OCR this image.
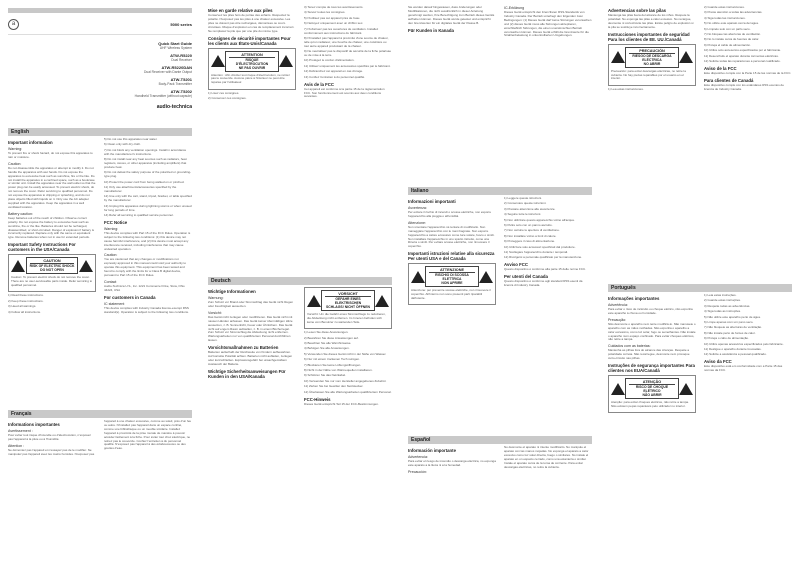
a	5000 series
Quick Start Guide
UHF Wireless System
ATW-R5220
Dual Receiver
ATW-R5220DAN
Dual Receiver with Dante Output
ATW-T5201
Body-Pack Transmitter
ATW-T5202
Handheld Transmitter (without capsule)
audio-technica
English
Important information
Warning:

To prevent fire or shock hazard, do not expose this apparatus to rain or moisture.

Caution:

Do not disassemble the apparatus or attempt to modify it. Do not handle the apparatus with wet hands. Do not expose the apparatus to excessive heat such as sunshine, fire or the like. Do not install the apparatus in a confined space, such as a bookcase or similar unit. Install the apparatus near the wall outlet so that the power plug can be easily accessed. To prevent electric shock, do not remove the cover. Refer servicing to qualified personnel. Do not expose the apparatus to dripping or splashing, and do not place objects filled with liquids on it. Only use the AC adapter supplied with the apparatus. Keep the apparatus in a well ventilated location.

Battery caution:

Keep batteries out of the reach of children. Observe correct polarity. Do not expose the battery to excessive heat such as sunshine, fire or the like. Batteries should not be recharged, disassembled, or short-circuited. Danger of explosion if battery is incorrectly replaced. Replace only with the same or equivalent type. Remove batteries when not in use for extended periods.

Important Safety Instructions For customers in the USA/Canada
CAUTION
RISK OF ELECTRIC SHOCK
DO NOT OPEN

Caution: To prevent electric shock do not remove the cover. There are no user-serviceable parts inside. Refer servicing to qualified personnel.

1) Read these instructions.
2) Keep these instructions.
3) Heed all warnings.
4) Follow all instructions.
5) Do not use this apparatus near water.
6) Clean only with dry cloth.
7) Do not block any ventilation openings. Install in accordance with the manufacturer's instructions.
8) Do not install near any heat sources such as radiators, heat registers, stoves, or other apparatus (including amplifiers) that produce heat.
9) Do not defeat the safety purpose of the polarized or grounding-type plug.
10) Protect the power cord from being walked on or pinched.
11) Only use attachments/accessories specified by the manufacturer.
12) Use only with the cart, stand, tripod, bracket, or table specified by the manufacturer.
13) Unplug this apparatus during lightning storms or when unused for long periods of time.
14) Refer all servicing to qualified service personnel.
FCC Notice
Warning:

This device complies with Part 15 of the FCC Rules. Operation is subject to the following two conditions: (1) this device may not cause harmful interference, and (2) this device must accept any interference received, including interference that may cause undesired operation.

Caution:

You are cautioned that any changes or modifications not expressly approved in this manual could void your authority to operate this equipment. This equipment has been tested and found to comply with the limits for a Class B digital device, pursuant to Part 15 of the FCC Rules.

Contact

Audio-Technica U.S., Inc. 1221 Commerce Drive, Stow, Ohio 44224, USA

For customers in Canada
IC statement

This device complies with Industry Canada licence-exempt RSS standard(s). Operation is subject to the following two conditions.

Français
Informations importantes
Avertissement :

Pour éviter tout risque d'incendie ou d'électrocution, n'exposez pas l'appareil à la pluie ou à l'humidité.

Attention :

Ne démontez pas l'appareil et n'essayez pas de le modifier. Ne manipulez pas l'appareil avec les mains humides. N'exposez pas l'appareil à une chaleur excessive, comme au soleil, près d'un feu ou autre. N'installez pas l'appareil dans un espace confiné, comme une bibliothèque ou un meuble similaire. Installez l'appareil à proximité de la prise murale de manière à pouvoir accéder facilement à la fiche. Pour éviter tout choc électrique, ne retirez pas le couvercle. Confiez l'entretien à du personnel qualifié. N'exposez pas l'appareil à des éclaboussures ou des gouttes d'eau.

Mise en garde relative aux piles

Conservez les piles hors de portée des enfants. Respectez la polarité. N'exposez pas les piles à une chaleur excessive. Les piles ne doivent pas être rechargées, démontées ou court-circuitées. Risque d'explosion en cas de remplacement incorrect. Ne remplacez la pile que par une pile du même type.

Consignes de sécurité importantes Pour les clients aux États-Unis/Canada
ATTENTION
RISQUE D'ÉLECTROCUTION
NE PAS OUVRIR

Attention : Afin d'éviter tout risque d'électrocution, ne retirez pas le couvercle. Aucune pièce à l'intérieur ne peut être réparée par l'utilisateur.

1) Lisez ces consignes.
2) Conservez ces consignes.
3) Tenez compte de tous les avertissements.
4) Suivez toutes les consignes.
5) N'utilisez pas cet appareil près de l'eau.
6) Nettoyez uniquement avec un chiffon sec.
7) N'obstruez pas les ouvertures de ventilation. Installez conformément aux instructions du fabricant.
8) N'installez pas l'appareil à proximité d'une source de chaleur, telle qu'un radiateur, une bouche de chaleur, une cuisinière ou tout autre appareil produisant de la chaleur.
9) Ne neutralisez pas le dispositif de sécurité de la fiche polarisée ou de mise à la terre.
10) Protégez le cordon d'alimentation.
11) Utilisez uniquement les accessoires spécifiés par le fabricant.
12) Débranchez cet appareil en cas d'orage.
13) Confiez l'entretien à du personnel qualifié.
Avis de la FCC

Cet appareil est conforme à la partie 15 de la réglementation FCC. Son fonctionnement est soumis aux deux conditions suivantes.

Deutsch
Wichtige Informationen
Warnung:

Zum Schutz vor Brand oder Stromschlag das Gerät nicht Regen oder Feuchtigkeit aussetzen.

Vorsicht:

Das Gerät nicht zerlegen oder modifizieren. Das Gerät nicht mit nassen Händen anfassen. Das Gerät keiner übermäßigen Hitze aussetzen, z. B. Sonnenlicht, Feuer oder Ähnlichem. Das Gerät nicht auf engem Raum aufstellen, z. B. in einem Bücherregal. Zum Schutz vor Stromschlag die Abdeckung nicht entfernen. Wartungsarbeiten nur von qualifiziertem Personal durchführen lassen.

Vorsichtsmaßnahmen zu Batterien

Batterien außerhalb der Reichweite von Kindern aufbewahren. Auf korrekte Polarität achten. Batterien nicht aufladen, zerlegen oder kurzschließen. Explosionsgefahr bei unsachgemäßem Austausch der Batterie.

Wichtige Sicherheitsanweisungen Für Kunden in den USA/Kanada
VORSICHT
GEFAHR EINES ELEKTRISCHEN
SCHLAGS! NICHT ÖFFNEN

Vorsicht: Um die Gefahr eines Stromschlags zu reduzieren, die Abdeckung nicht entfernen. Im Inneren befinden sich keine vom Benutzer zu wartenden Teile.

1) Lesen Sie diese Anweisungen.
2) Bewahren Sie diese Anweisungen auf.
3) Beachten Sie alle Warnhinweise.
4) Befolgen Sie alle Anweisungen.
5) Verwenden Sie dieses Gerät nicht in der Nähe von Wasser.
6) Nur mit einem trockenen Tuch reinigen.
7) Blockieren Sie keine Lüftungsöffnungen.
8) Nicht in der Nähe von Wärmequellen installieren.
9) Schützen Sie das Netzkabel.
10) Verwenden Sie nur vom Hersteller angegebenes Zubehör.
11) Ziehen Sie bei Gewitter den Netzstecker.
12) Überlassen Sie alle Wartungsarbeiten qualifiziertem Personal.
FCC-Hinweis

Dieses Gerät entspricht Teil 15 der FCC-Bestimmungen.

Sie werden darauf hingewiesen, dass Änderungen oder Modifikationen, die nicht ausdrücklich in dieser Anleitung genehmigt werden, Ihre Berechtigung zum Betrieb dieses Geräts aufheben können. Dieses Gerät wurde getestet und entspricht den Grenzwerten für ein digitales Gerät der Klasse B.

Für Kunden in Kanada
IC-Erklärung

Dieses Gerät entspricht den lizenzfreien RSS-Standards von Industry Canada. Der Betrieb unterliegt den folgenden zwei Bedingungen: (1) Dieses Gerät darf keine Störungen verursachen und (2) dieses Gerät muss alle Störungen akzeptieren, einschließlich Störungen, die einen unerwünschten Betrieb verursachen können. Dieses Gerät erfüllt die Grenzwerte für die Strahlenbelastung in unkontrollierten Umgebungen.

Italiano
Informazioni importanti
Avvertenza:

Per evitare il rischio di incendi o scosse elettriche, non esporre l'apparecchio alla pioggia o all'umidità.

Attenzione:

Non smontare l'apparecchio né tentare di modificarlo. Non maneggiare l'apparecchio con le mani bagnate. Non esporre l'apparecchio a calore eccessivo come luce solare, fuoco o simili. Non installare l'apparecchio in uno spazio ristretto, come una libreria o simili. Per evitare scosse elettriche, non rimuovere il coperchio.

Importanti istruzioni relative alla sicurezza Per utenti USA e del Canada
ATTENZIONE
RISCHIO DI SCOSSA ELETTRICA
NON APRIRE

Attenzione: per prevenire scosse elettriche, non rimuovere il coperchio. All'interno non sono presenti parti riparabili dall'utente.

1) Leggere queste istruzioni.
2) Conservare queste istruzioni.
3) Prestare attenzione alle avvertenze.
4) Seguire tutte le istruzioni.
5) Non utilizzare questo apparecchio vicino all'acqua.
6) Pulire solo con un panno asciutto.
7) Non ostruire le aperture di ventilazione.
8) Non installare vicino a fonti di calore.
9) Proteggere il cavo di alimentazione.
10) Utilizzare solo accessori specificati dal produttore.
11) Scollegare l'apparecchio durante i temporali.
12) Rivolgersi a personale qualificato per la manutenzione.
Avviso FCC

Questo dispositivo è conforme alla parte 15 delle norme FCC.

Per utenti del Canada

Questo dispositivo è conforme agli standard RSS esenti da licenza di Industry Canada.

Español
Información importante
Advertencia:

Para evitar el riesgo de incendio o descarga eléctrica, no exponga este aparato a la lluvia ni a la humedad.

Precaución:

No desmonte el aparato ni intente modificarlo. No manipule el aparato con las manos mojadas. No exponga el aparato a calor excesivo como luz solar directa, fuego o similares. No instale el aparato en un espacio cerrado, como una estantería o similar. Instale el aparato cerca de la toma de corriente. Para evitar descargas eléctricas, no retire la cubierta.

Advertencias sobre las pilas

Mantenga las pilas fuera del alcance de los niños. Respete la polaridad. No exponga las pilas a calor excesivo. No recargue, desmonte ni cortocircuite las pilas. Existe peligro de explosión si la pila se sustituye incorrectamente.

Instrucciones importantes de seguridad Para los clientes de EE. UU./Canadá
PRECAUCIÓN
RIESGO DE DESCARGA ELÉCTRICA
NO ABRIR

Precaución: para evitar descargas eléctricas, no retire la cubierta. No hay piezas reparables por el usuario en el interior.

1) Lea estas instrucciones.
2) Guarde estas instrucciones.
3) Preste atención a todas las advertencias.
4) Siga todas las instrucciones.
5) No utilice este aparato cerca del agua.
6) Límpielo solo con un paño seco.
7) No bloquee las aberturas de ventilación.
8) No lo instale cerca de fuentes de calor.
9) Proteja el cable de alimentación.
10) Utilice solo accesorios especificados por el fabricante.
11) Desenchufe el aparato durante tormentas eléctricas.
12) Solicite todas las reparaciones a personal cualificado.
Aviso de la FCC

Este dispositivo cumple con la Parte 15 de las normas de la FCC.

Para clientes de Canadá

Este dispositivo cumple con los estándares RSS exentos de licencia de Industry Canada.

Português
Informações importantes
Advertência:

Para evitar o risco de incêndio ou choque elétrico, não exponha este aparelho à chuva ou humidade.

Precaução:

Não desmonte o aparelho nem tente modificá-lo. Não manuseie o aparelho com as mãos molhadas. Não exponha o aparelho a calor excessivo, como luz solar, fogo ou semelhantes. Não instale o aparelho num espaço confinado. Para evitar choques elétricos, não retire a tampa.

Cuidados com as baterias:

Mantenha as pilhas fora do alcance das crianças. Respeite a polaridade correta. Não recarregue, desmonte nem provoque curto-circuito nas pilhas.

Instruções de segurança importantes Para clientes nos EUA/Canadá
ATENÇÃO
RISCO DE CHOQUE ELÉTRICO
NÃO ABRIR

Atenção: para evitar choques elétricos, não retire a tampa. Não existem peças reparáveis pelo utilizador no interior.

1) Leia estas instruções.
2) Guarde estas instruções.
3) Respeite todas as advertências.
4) Siga todas as instruções.
5) Não utilize este aparelho perto de água.
6) Limpe apenas com um pano seco.
7) Não bloqueie as aberturas de ventilação.
8) Não instale perto de fontes de calor.
9) Proteja o cabo de alimentação.
10) Utilize apenas acessórios especificados pelo fabricante.
11) Desligue o aparelho durante trovoadas.
12) Solicite a assistência a pessoal qualificado.
Aviso da FCC

Este dispositivo está em conformidade com a Parte 15 das normas da FCC.
